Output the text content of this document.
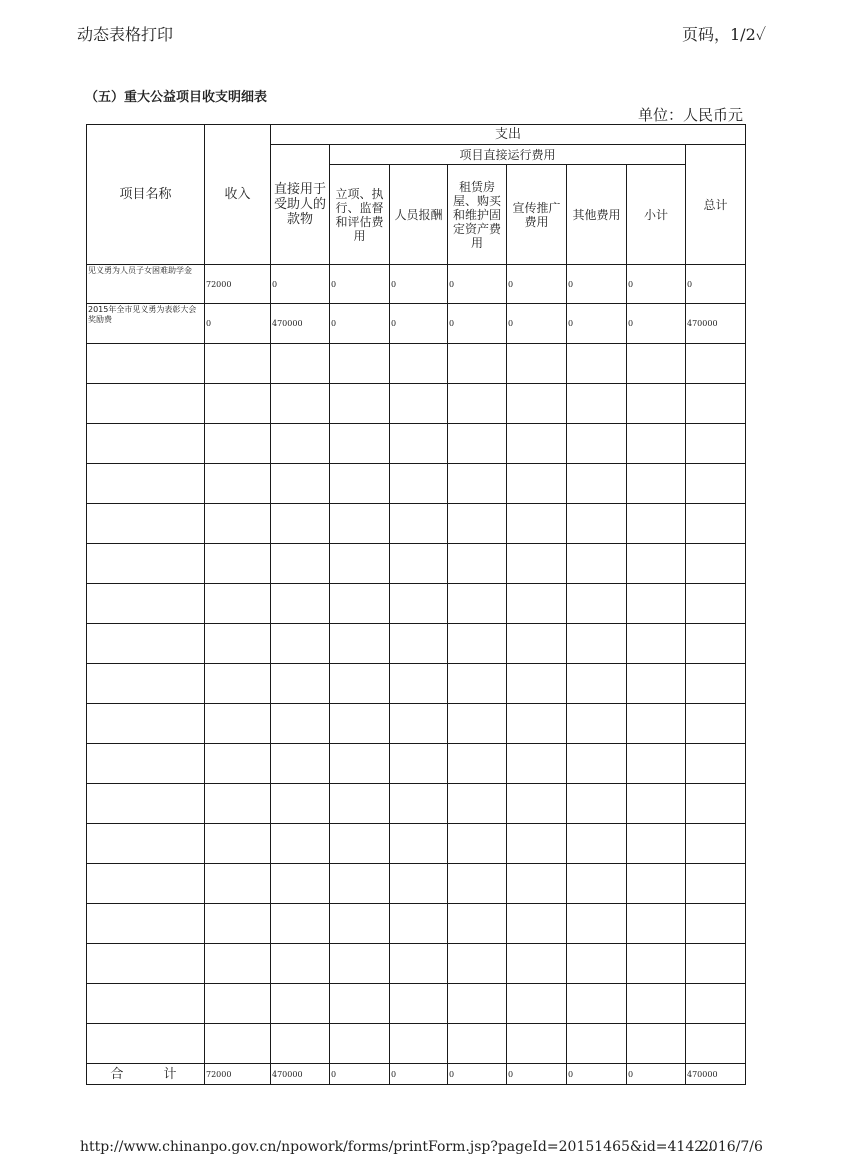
动态表格打印	页码，1/2✓
（五）重大公益项目收支明细表
单位：人民币元
项目名称	收入	支出							
		直接用于受助人的款物	项目直接运行费用						总计
			立项、执行、监督和评估费用	人员报酬	租赁房屋、购买和维护固定资产费用	宣传推广费用	其他费用	小计	
见义勇为人员子女困难助学金	72000	0	0	0	0	0	0	0	0
2015年全市见义勇为表彰大会奖励费	0	470000	0	0	0	0	0	0	470000

合 计	72000	470000	0	0	0	0	0	0	470000
http://www.chinanpo.gov.cn/npowork/forms/printForm.jsp?pageId=20151465&id=4142...
2016/7/6
